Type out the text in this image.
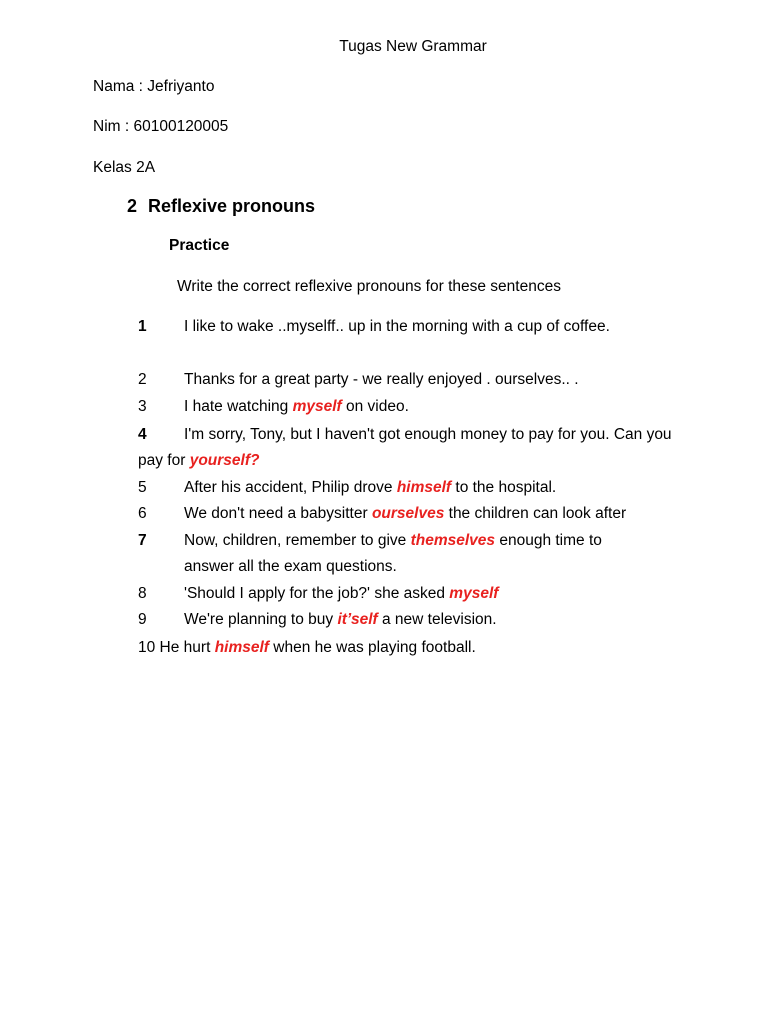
Tugas New Grammar
Nama : Jefriyanto
Nim : 60100120005
Kelas 2A
2 Reflexive pronouns
Practice
Write the correct reflexive pronouns for these sentences
1 I like to wake ..myselff.. up in the morning with a cup of coffee.
2 Thanks for a great party - we really enjoyed . ourselves.. .
3 I hate watching myself on video.
4 I'm sorry, Tony, but I haven't got enough money to pay for you. Can you
pay for yourself?
5 After his accident, Philip drove himself to the hospital.
6 We don't need a babysitter ourselves the children can look after
7 Now, children, remember to give themselves enough time to
answer all the exam questions.
8 'Should I apply for the job?' she asked myself
9 We're planning to buy it’self a new television.
10 He hurt himself when he was playing football.
